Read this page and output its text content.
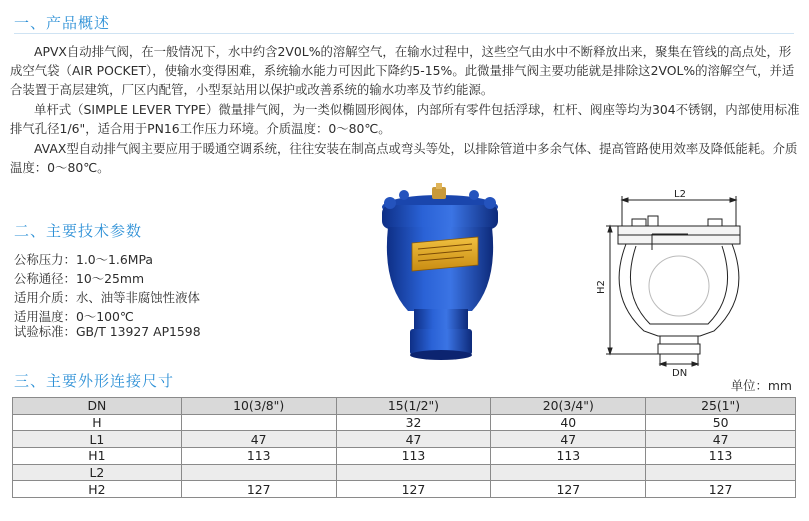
一、产品概述

APVX自动排气阀，在一般情况下，水中约含2V0L%的溶解空气，在输水过程中，这些空气由水中不断释放出来，聚集在管线的高点处，形成空气袋（AIR POCKET），使输水变得困难，系统输水能力可因此下降约5-15%。此微量排气阀主要功能就是排除这2VOL%的溶解空气，并适合装置于高层建筑，厂区内配管，小型泵站用以保护或改善系统的输水功率及节约能源。

单杆式（SIMPLE LEVER TYPE）微量排气阀，为一类似椭圆形阀体，内部所有零件包括浮球，杠杆、阀座等均为304不锈钢，内部使用标准排气孔径1/6"，适合用于PN16工作压力环境。介质温度：0～80℃。

AVAX型自动排气阀主要应用于暖通空调系统，往往安装在制高点或弯头等处，以排除管道中多余气体、提高管路使用效率及降低能耗。介质温度：0～80℃。

二、主要技术参数
公称压力：1.0～1.6MPa
公称通径：10～25mm
适用介质：水、油等非腐蚀性液体
适用温度：0～100℃
试验标准：GB/T 13927 AP1598
L2
H2
DN
三、主要外形连接尺寸	单位：mm
DN	10(3/8")	15(1/2")	20(3/4")	25(1")
H		32	40	50
L1	47	47	47	47
H1	113	113	113	113
L2				
H2	127	127	127	127
